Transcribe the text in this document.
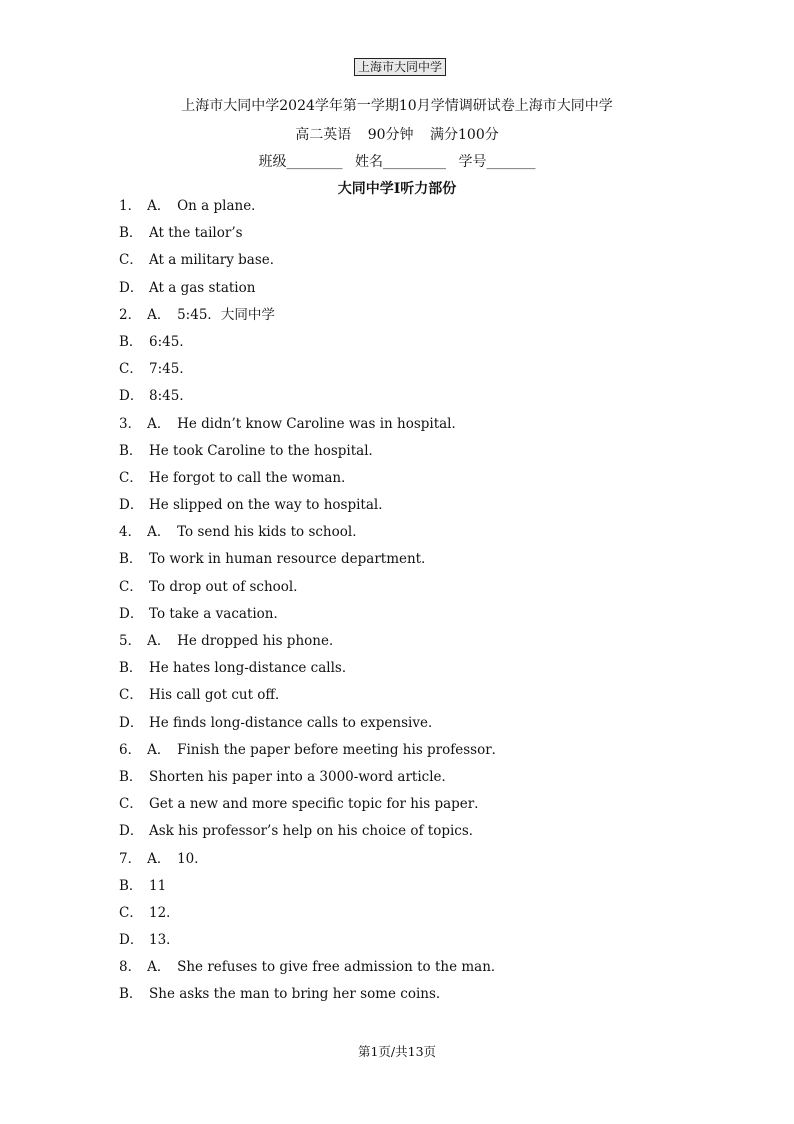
上海市大同中学
上海市大同中学2024学年第一学期10月学情调研试卷上海市大同中学
高二英语 90分钟 满分100分
班级________ 姓名_________ 学号_______
大同中学I听力部份
1． A． On a plane．
B． At the tailor’s
C． At a military base．
D． At a gas station
2． A． 5:45．大同中学
B． 6:45．
C． 7:45．
D． 8:45．
3． A． He didn’t know Caroline was in hospital．
B． He took Caroline to the hospital．
C． He forgot to call the woman．
D． He slipped on the way to hospital．
4． A． To send his kids to school．
B． To work in human resource department．
C． To drop out of school．
D． To take a vacation．
5． A． He dropped his phone．
B． He hates long-distance calls．
C． His call got cut off．
D． He finds long-distance calls to expensive．
6． A． Finish the paper before meeting his professor．
B． Shorten his paper into a 3000-word article．
C． Get a new and more specific topic for his paper．
D． Ask his professor’s help on his choice of topics．
7． A． 10．
B． 11
C． 12．
D． 13．
8． A． She refuses to give free admission to the man．
B． She asks the man to bring her some coins．
第1页/共13页
